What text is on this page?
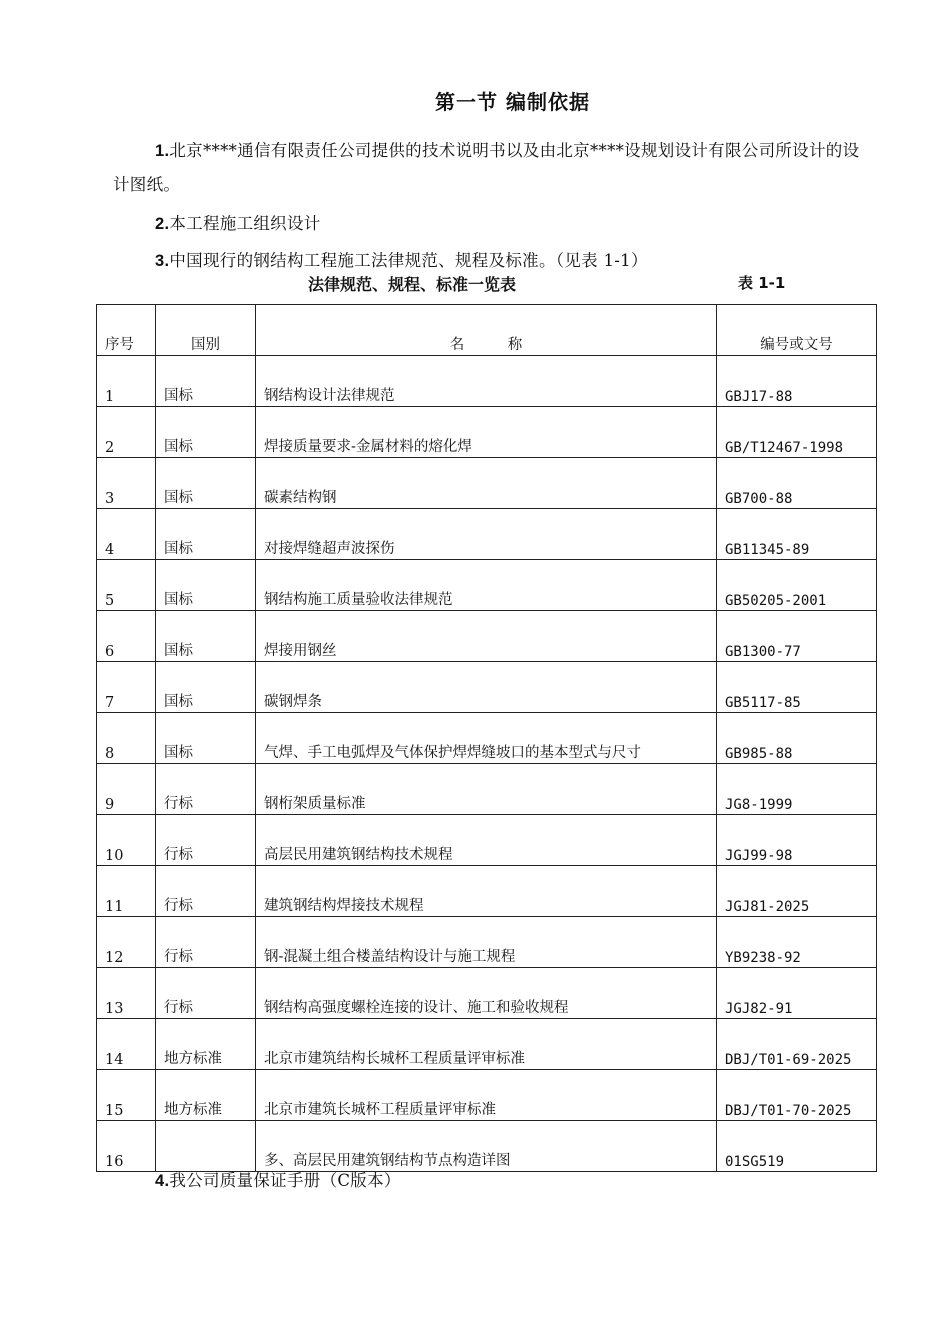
第一节 编制依据
1.北京****通信有限责任公司提供的技术说明书以及由北京****设规划设计有限公司所设计的设计图纸。
2.本工程施工组织设计
3.中国现行的钢结构工程施工法律规范、规程及标准。（见表 1-1）
法律规范、规程、标准一览表	表 1-1
序号	国别	名　　　称	编号或文号
1	国标	钢结构设计法律规范	GBJ17-88
2	国标	焊接质量要求-金属材料的熔化焊	GB/T12467-1998
3	国标	碳素结构钢	GB700-88
4	国标	对接焊缝超声波探伤	GB11345-89
5	国标	钢结构施工质量验收法律规范	GB50205-2001
6	国标	焊接用钢丝	GB1300-77
7	国标	碳钢焊条	GB5117-85
8	国标	气焊、手工电弧焊及气体保护焊焊缝坡口的基本型式与尺寸	GB985-88
9	行标	钢桁架质量标准	JG8-1999
10	行标	高层民用建筑钢结构技术规程	JGJ99-98
11	行标	建筑钢结构焊接技术规程	JGJ81-2025
12	行标	钢-混凝土组合楼盖结构设计与施工规程	YB9238-92
13	行标	钢结构高强度螺栓连接的设计、施工和验收规程	JGJ82-91
14	地方标准	北京市建筑结构长城杯工程质量评审标准	DBJ/T01-69-2025
15	地方标准	北京市建筑长城杯工程质量评审标准	DBJ/T01-70-2025
16		多、高层民用建筑钢结构节点构造详图	01SG519
4.我公司质量保证手册（C版本）
